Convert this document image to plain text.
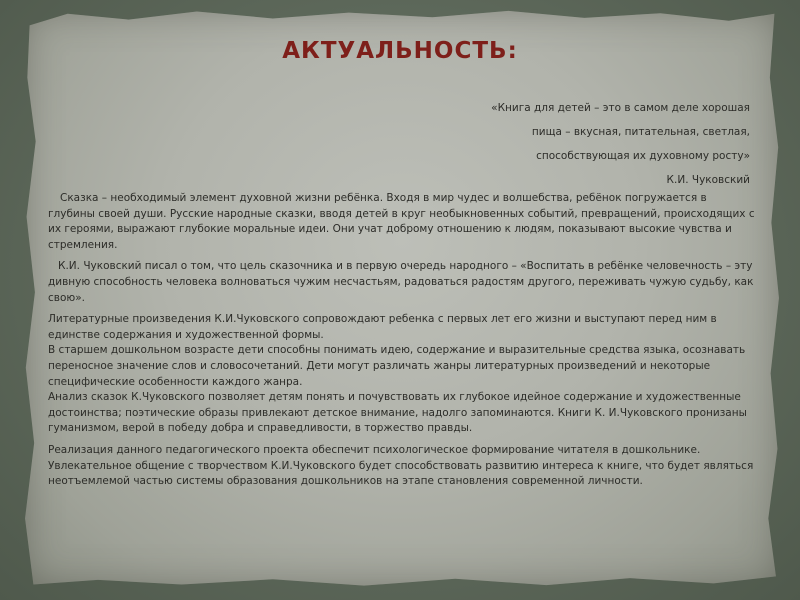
АКТУАЛЬНОСТЬ:

«Книга для детей – это в самом деле хорошая

пища – вкусная, питательная, светлая,

способствующая их духовному росту»

К.И. Чуковский

Сказка – необходимый элемент духовной жизни ребёнка. Входя в мир чудес и волшебства, ребёнок погружается в глубины своей души. Русские народные сказки, вводя детей в круг необыкновенных событий, превращений, происходящих с их героями, выражают глубокие моральные идеи. Они учат доброму отношению к людям, показывают высокие чувства и стремления.

К.И. Чуковский писал о том, что цель сказочника и в первую очередь народного – «Воспитать в ребёнке человечность – эту дивную способность человека волноваться чужим несчастьям, радоваться радостям другого, переживать чужую судьбу, как свою».

Литературные произведения К.И.Чуковского сопровождают ребенка с первых лет его жизни и выступают перед ним в единстве содержания и художественной формы.

В старшем дошкольном возрасте дети способны понимать идею, содержание и выразительные средства языка, осознавать переносное значение слов и словосочетаний. Дети могут различать жанры литературных произведений и некоторые специфические особенности каждого жанра.

Анализ сказок К.Чуковского позволяет детям понять и почувствовать их глубокое идейное содержание и художественные достоинства; поэтические образы привлекают детское внимание, надолго запоминаются. Книги К. И.Чуковского пронизаны гуманизмом, верой в победу добра и справедливости, в торжество правды.

Реализация данного педагогического проекта обеспечит психологическое формирование читателя в дошкольнике. Увлекательное общение с творчеством К.И.Чуковского будет способствовать развитию интереса к книге, что будет являться неотъемлемой частью системы образования дошкольников на этапе становления современной личности.
